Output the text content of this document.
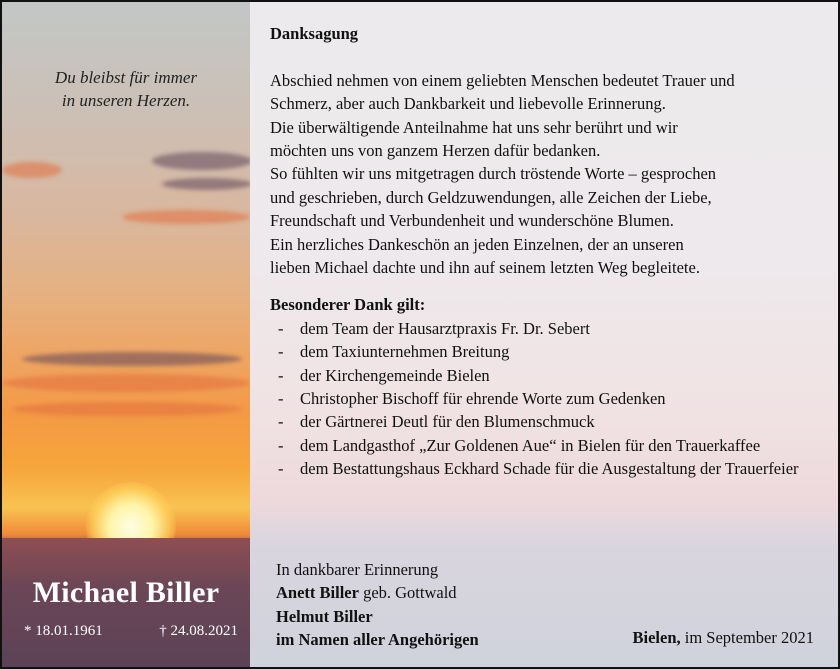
Du bleibst für immer
in unseren Herzen.
Michael Biller
* 18.01.1961	† 24.08.2021
Danksagung

Abschied nehmen von einem geliebten Menschen bedeutet Trauer und

Schmerz, aber auch Dankbarkeit und liebevolle Erinnerung.

Die überwältigende Anteilnahme hat uns sehr berührt und wir

möchten uns von ganzem Herzen dafür bedanken.

So fühlten wir uns mitgetragen durch tröstende Worte – gesprochen

und geschrieben, durch Geldzuwendungen, alle Zeichen der Liebe,

Freundschaft und Verbundenheit und wunderschöne Blumen.

Ein herzliches Dankeschön an jeden Einzelnen, der an unseren

lieben Michael dachte und ihn auf seinem letzten Weg begleitete.

Besonderer Dank gilt:
- dem Team der Hausarztpraxis Fr. Dr. Sebert
- dem Taxiunternehmen Breitung
- der Kirchengemeinde Bielen
- Christopher Bischoff für ehrende Worte zum Gedenken
- der Gärtnerei Deutl für den Blumenschmuck
- dem Landgasthof „Zur Goldenen Aue“ in Bielen für den Trauerkaffee
- dem Bestattungshaus Eckhard Schade für die Ausgestaltung der Trauerfeier
In dankbarer Erinnerung
Anett Biller geb. Gottwald
Helmut Biller
im Namen aller Angehörigen	Bielen, im September 2021
